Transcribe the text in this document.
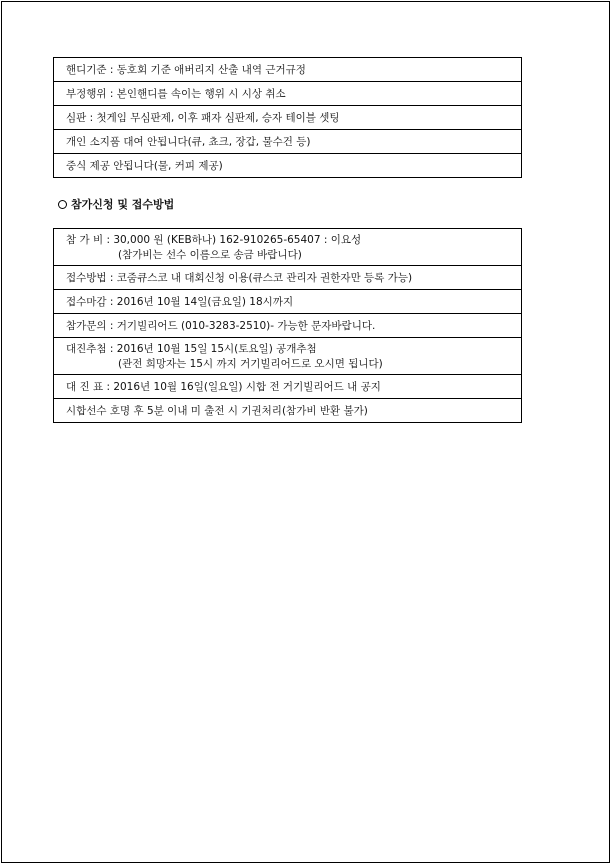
핸디기준 : 동호회 기준 애버리지 산출 내역 근거규정
부정행위 : 본인핸디를 속이는 행위 시 시상 취소
심판 : 첫게임 무심판제, 이후 패자 심판제, 승자 테이블 셋팅
개인 소지품 대여 안됩니다(큐, 쵸크, 장갑, 물수건 등)
중식 제공 안됩니다(물, 커피 제공)
참가신청 및 접수방법
참 가 비 : 30,000 원 (KEB하나) 162-910265-65407 : 이요성
(참가비는 선수 이름으로 송금 바랍니다)
접수방법 : 코줌큐스코 내 대회신청 이용(큐스코 관리자 권한자만 등록 가능)
접수마감 : 2016년 10월 14일(금요일) 18시까지
참가문의 : 거기빌리어드 (010-3283-2510)- 가능한 문자바랍니다.
대진추첨 : 2016년 10월 15일 15시(토요일) 공개추첨
(관전 희망자는 15시 까지 거기빌리어드로 오시면 됩니다)
대 진 표 : 2016년 10월 16일(일요일) 시합 전 거기빌리어드 내 공지
시합선수 호명 후 5분 이내 미 출전 시 기권처리(참가비 반환 불가)
